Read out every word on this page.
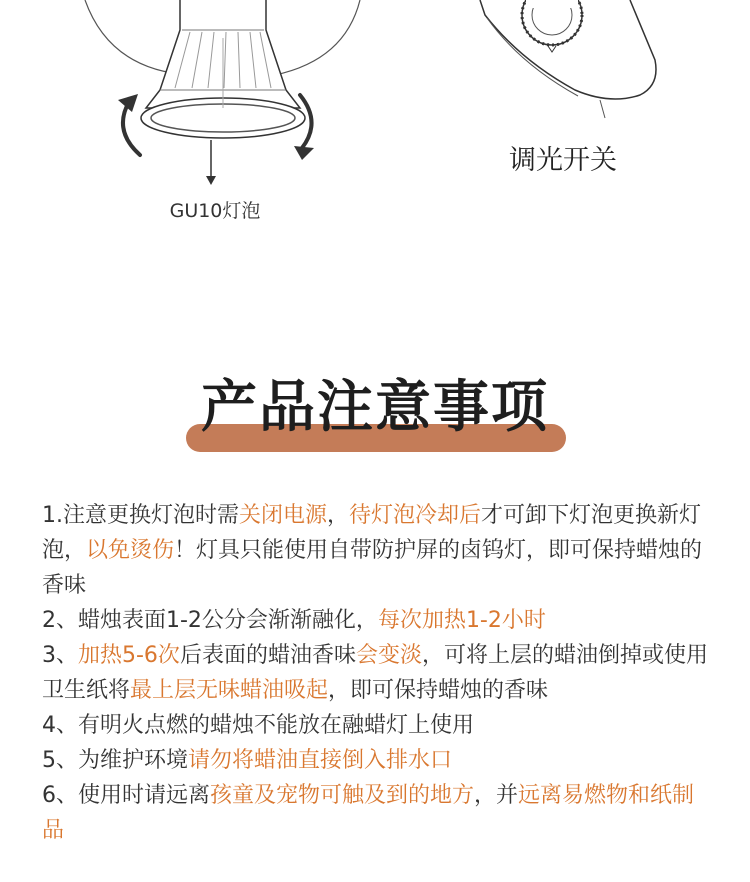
GU10灯泡
调光开关
产品注意事项

1.注意更换灯泡时需关闭电源，待灯泡冷却后才可卸下灯泡更换新灯泡，以免烫伤！灯具只能使用自带防护屏的卤钨灯，即可保持蜡烛的香味

2、蜡烛表面1-2公分会渐渐融化，每次加热1-2小时

3、加热5-6次后表面的蜡油香味会变淡，可将上层的蜡油倒掉或使用卫生纸将最上层无味蜡油吸起，即可保持蜡烛的香味

4、有明火点燃的蜡烛不能放在融蜡灯上使用

5、为维护环境请勿将蜡油直接倒入排水口

6、使用时请远离孩童及宠物可触及到的地方，并远离易燃物和纸制品
